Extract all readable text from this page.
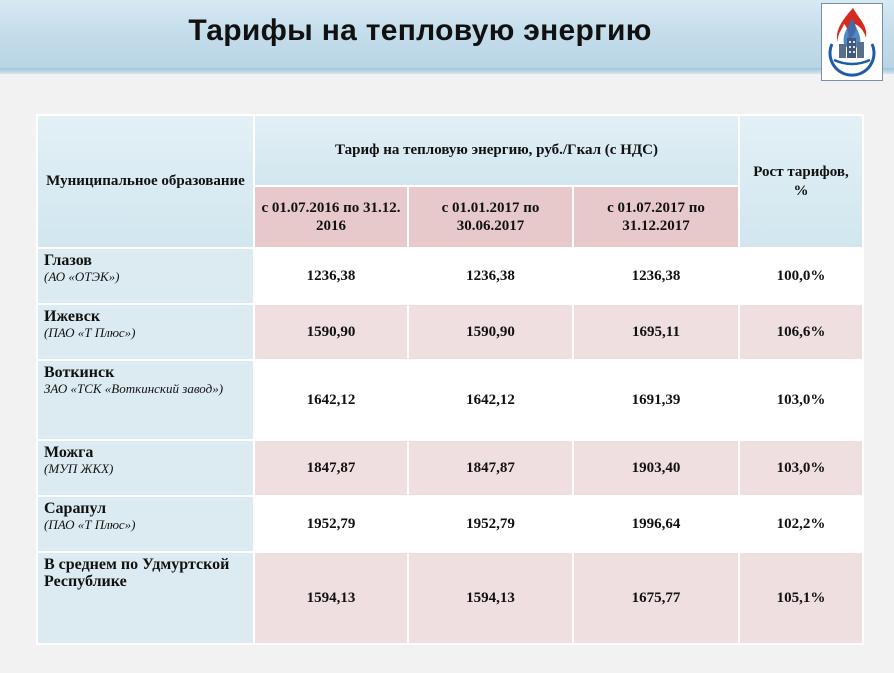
Тарифы на тепловую энергию
Муниципальное образование	Тариф на тепловую энергию, руб./Гкал (с НДС)			Рост тарифов, %
	с 01.07.2016 по 31.12. 2016	с 01.01.2017 по 30.06.2017	с 01.07.2017 по 31.12.2017	

Глазов
(АО «ОТЭК»)	1236,38	1236,38	1236,38	100,0%

Ижевск
(ПАО «Т Плюс»)	1590,90	1590,90	1695,11	106,6%

Воткинск
ЗАО «ТСК «Воткинский завод»)	1642,12	1642,12	1691,39	103,0%

Можга
(МУП ЖКХ)	1847,87	1847,87	1903,40	103,0%

Сарапул
(ПАО «Т Плюс»)	1952,79	1952,79	1996,64	102,2%

В среднем по Удмуртской Республике	1594,13	1594,13	1675,77	105,1%
